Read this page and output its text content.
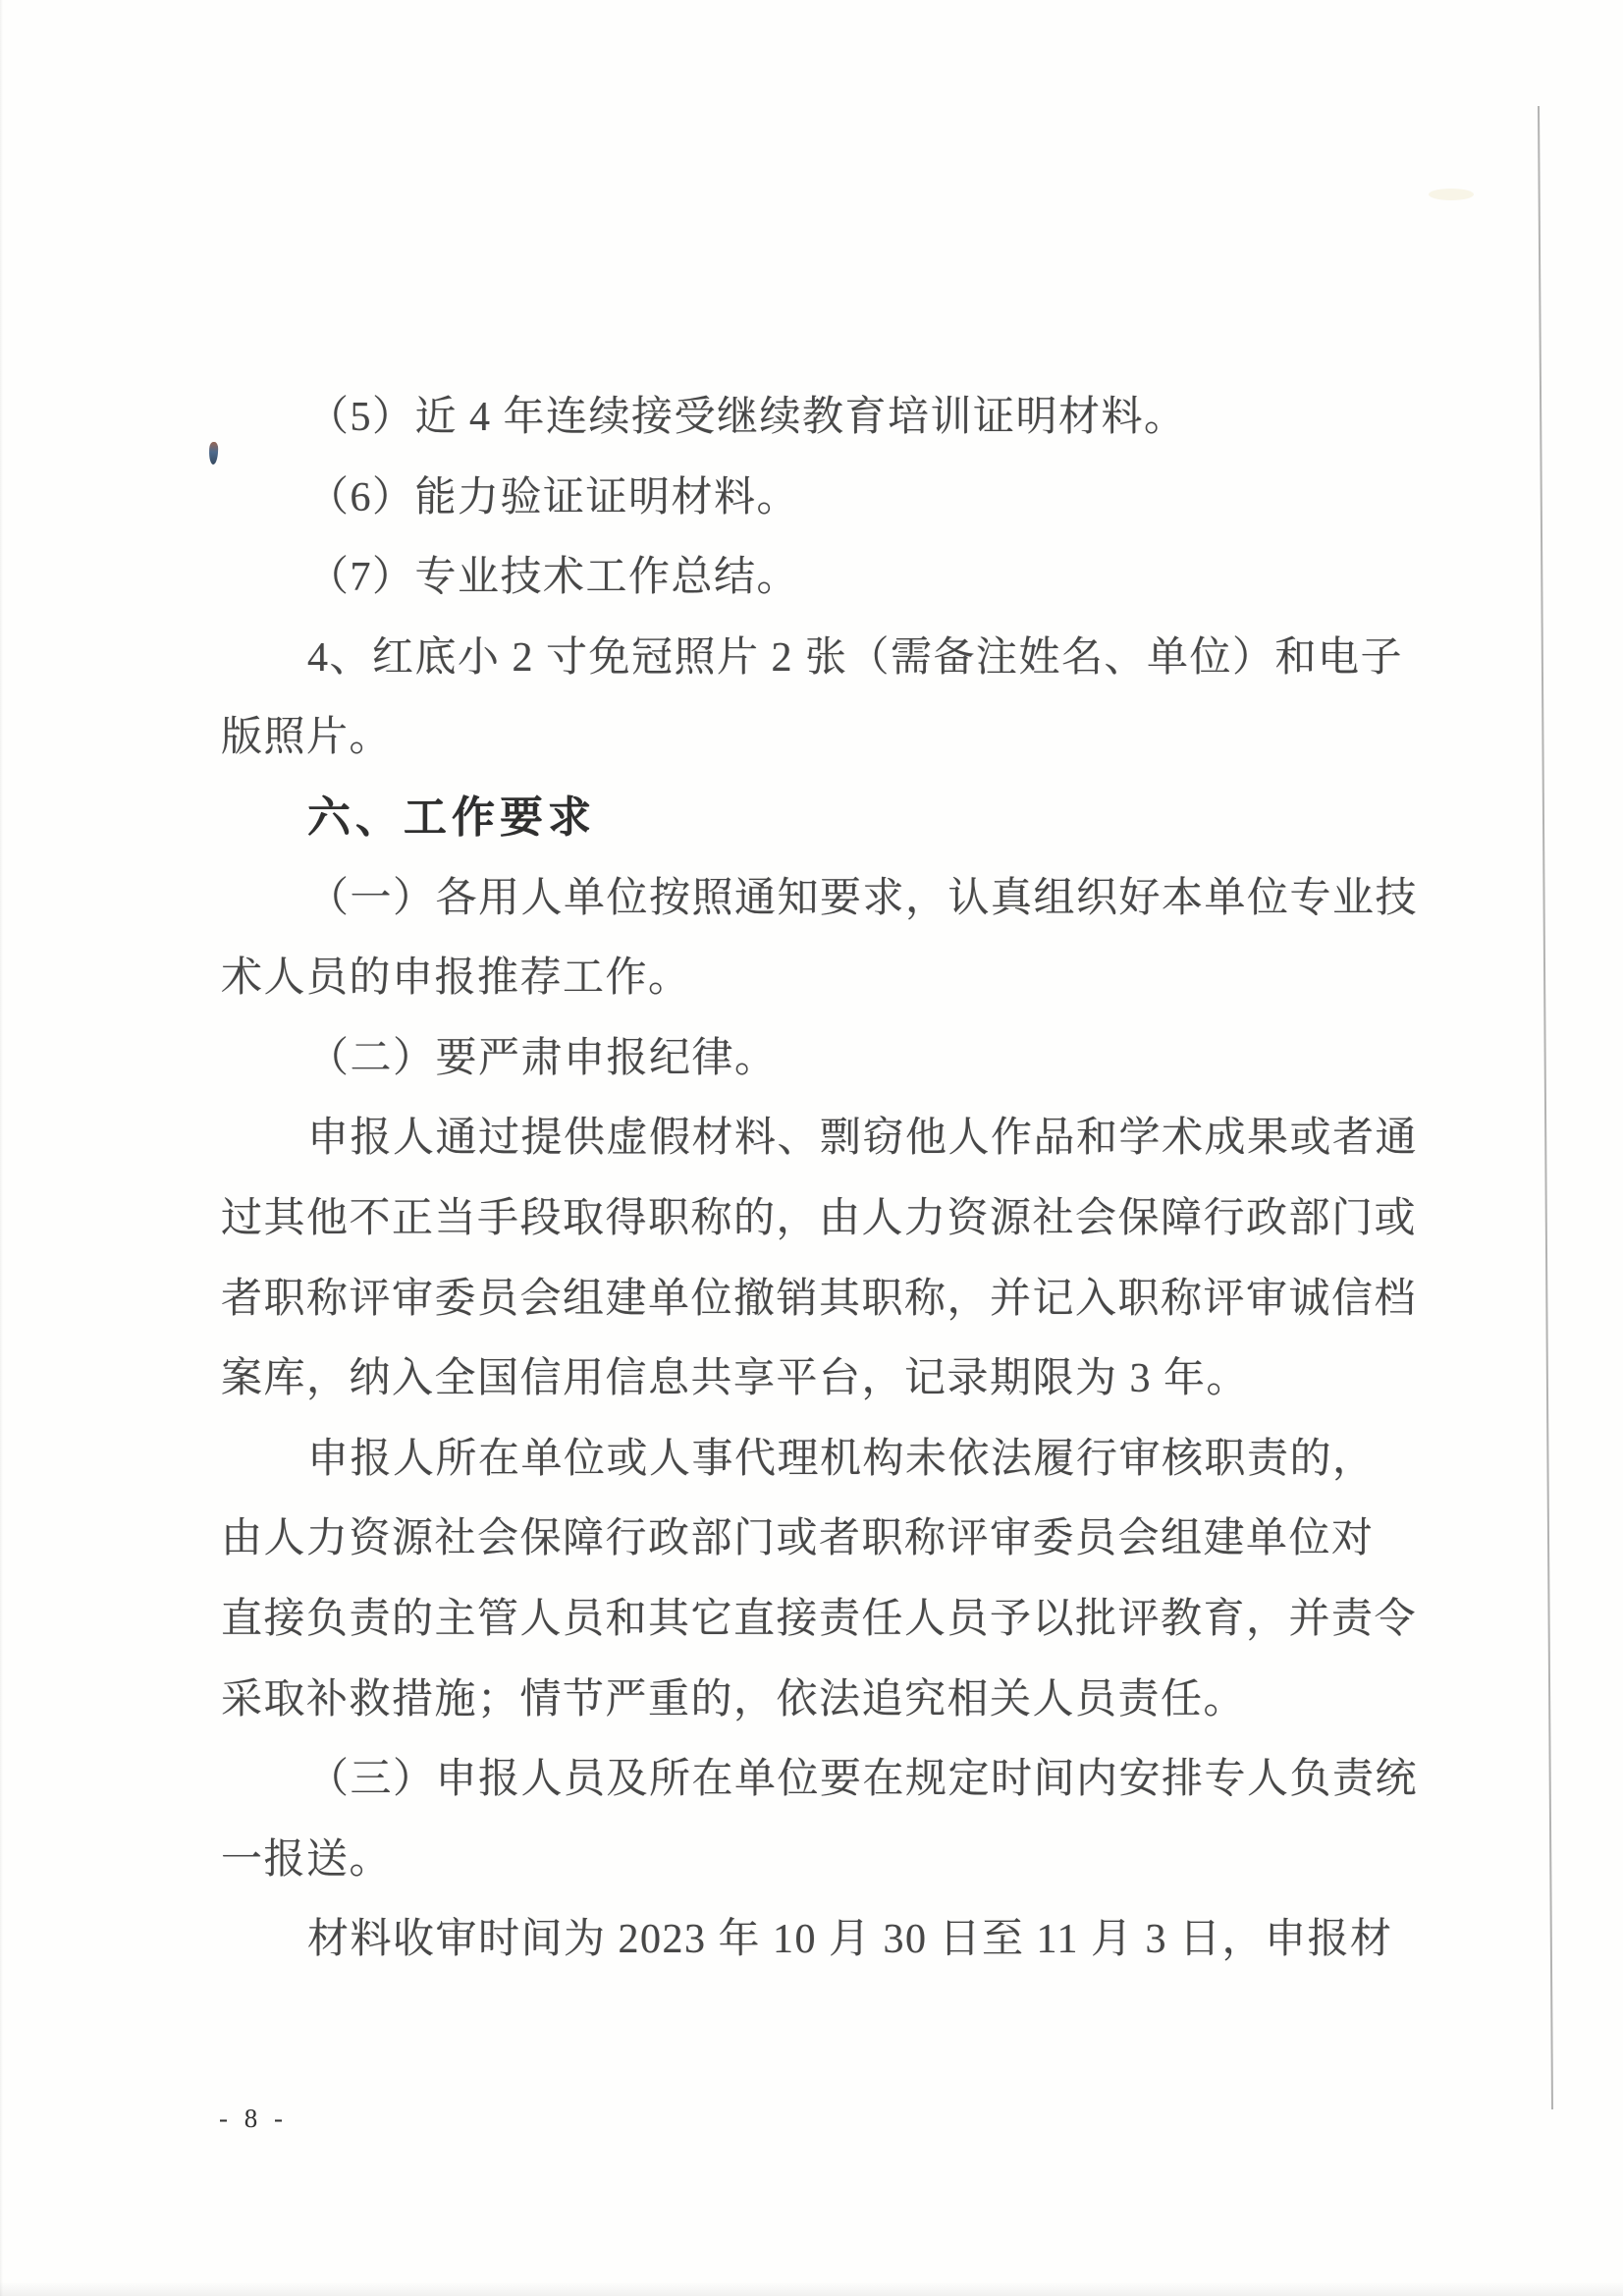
（5）近 4 年连续接受继续教育培训证明材料。
（6）能力验证证明材料。
（7）专业技术工作总结。
4、红底小 2 寸免冠照片 2 张（需备注姓名、单位）和电子
版照片。
六、工作要求
（一）各用人单位按照通知要求，认真组织好本单位专业技
术人员的申报推荐工作。
（二）要严肃申报纪律。
申报人通过提供虚假材料、剽窃他人作品和学术成果或者通
过其他不正当手段取得职称的，由人力资源社会保障行政部门或
者职称评审委员会组建单位撤销其职称，并记入职称评审诚信档
案库，纳入全国信用信息共享平台，记录期限为 3 年。
申报人所在单位或人事代理机构未依法履行审核职责的，
由人力资源社会保障行政部门或者职称评审委员会组建单位对
直接负责的主管人员和其它直接责任人员予以批评教育，并责令
采取补救措施；情节严重的，依法追究相关人员责任。
（三）申报人员及所在单位要在规定时间内安排专人负责统
一报送。
材料收审时间为 2023 年 10 月 30 日至 11 月 3 日，申报材
- 8 -
